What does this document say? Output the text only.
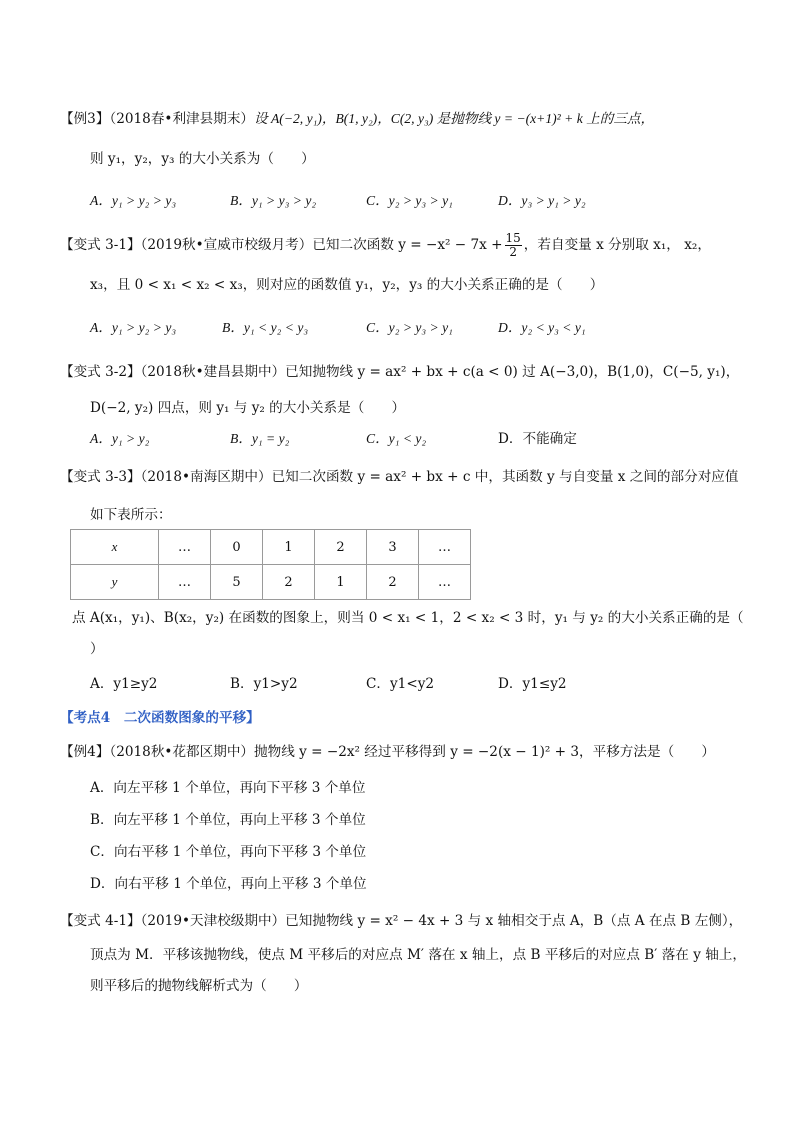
【例3】（2018春•利津县期末）设 A(−2, y₁)，B(1, y₂)，C(2, y₃) 是抛物线 y = −(x+1)² + k 上的三点，
则 y₁，y₂，y₃ 的大小关系为（　　）
A．y₁ > y₂ > y₃	B．y₁ > y₃ > y₂	C．y₂ > y₃ > y₁	D．y₃ > y₁ > y₂
【变式 3-1】（2019秋•宣威市校级月考）已知二次函数 $y = -x^2 - 7x + \frac{15}{2}$ ，若自变量 x 分别取 x₁， x₂，
x₃，且 0 < x₁ < x₂ < x₃，则对应的函数值 y₁，y₂，y₃ 的大小关系正确的是（　　）
A．y₁ > y₂ > y₃	B．y₁ < y₂ < y₃	C．y₂ > y₃ > y₁	D．y₂ < y₃ < y₁
【变式 3-2】（2018秋•建昌县期中）已知抛物线 y = ax² + bx + c(a < 0) 过 A(−3,0)，B(1,0)，C(−5, y₁)，
D(−2, y₂) 四点，则 y₁ 与 y₂ 的大小关系是（　　）
A．y₁ > y₂	B．y₁ = y₂	C．y₁ < y₂	D．不能确定
【变式 3-3】（2018•南海区期中）已知二次函数 y = ax² + bx + c 中，其函数 y 与自变量 x 之间的部分对应值
如下表所示：
x	…	0	1	2	3	…
y	…	5	2	1	2	…
点 A(x₁，y₁)、B(x₂，y₂) 在函数的图象上，则当 0 < x₁ < 1，2 < x₂ < 3 时，y₁ 与 y₂ 的大小关系正确的是（
）
A．y1≥y2	B．y1>y2	C．y1<y2	D．y1≤y2
【考点4　二次函数图象的平移】
【例4】（2018秋•花都区期中）抛物线 y = −2x² 经过平移得到 y = −2(x − 1)² + 3，平移方法是（　　）
A．向左平移 1 个单位，再向下平移 3 个单位
B．向左平移 1 个单位，再向上平移 3 个单位
C．向右平移 1 个单位，再向下平移 3 个单位
D．向右平移 1 个单位，再向上平移 3 个单位
【变式 4-1】（2019•天津校级期中）已知抛物线 y = x² − 4x + 3 与 x 轴相交于点 A，B（点 A 在点 B 左侧），
顶点为 M．平移该抛物线，使点 M 平移后的对应点 M′ 落在 x 轴上，点 B 平移后的对应点 B′ 落在 y 轴上，
则平移后的抛物线解析式为（　　）
